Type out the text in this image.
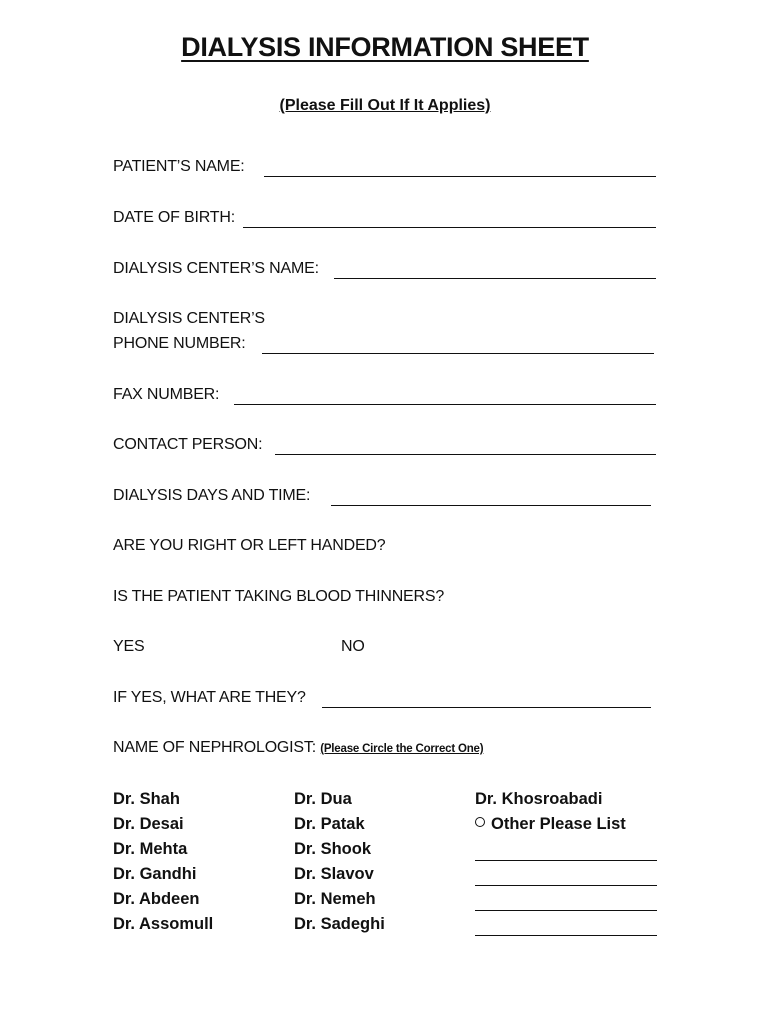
DIALYSIS INFORMATION SHEET
(Please Fill Out If It Applies)
PATIENT’S NAME:
DATE OF BIRTH:
DIALYSIS CENTER’S NAME:
DIALYSIS CENTER’S
PHONE NUMBER:
FAX NUMBER:
CONTACT PERSON:
DIALYSIS DAYS AND TIME:
ARE YOU RIGHT OR LEFT HANDED?
IS THE PATIENT TAKING BLOOD THINNERS?
YES	NO
IF YES, WHAT ARE THEY?
NAME OF NEPHROLOGIST: (Please Circle the Correct One)
Dr. Shah
Dr. Desai
Dr. Mehta
Dr. Gandhi
Dr. Abdeen
Dr. Assomull
Dr. Dua
Dr. Patak
Dr. Shook
Dr. Slavov
Dr. Nemeh
Dr. Sadeghi
Dr. Khosroabadi
Other Please List
